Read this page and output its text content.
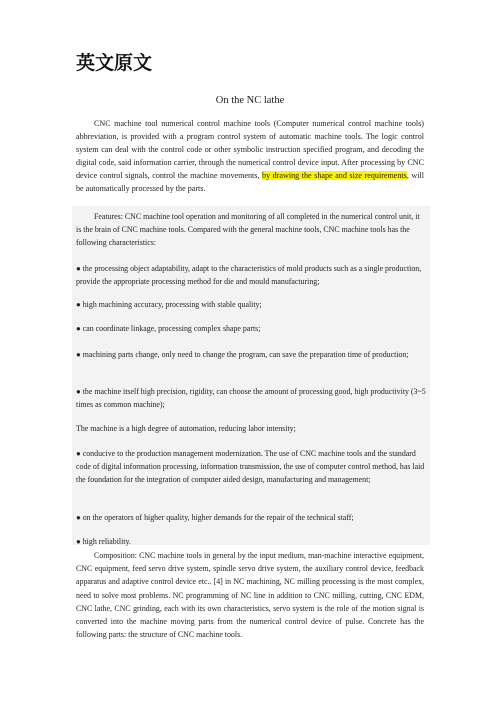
英文原文
On the NC lathe

CNC machine tool numerical control machine tools (Computer numerical control machine tools) abbreviation, is provided with a program control system of automatic machine tools. The logic control system can deal with the control code or other symbolic instruction specified program, and decoding the digital code, said information carrier, through the numerical control device input. After processing by CNC device control signals, control the machine movements, by drawing the shape and size requirements, will be automatically processed by the parts.

Features: CNC machine tool operation and monitoring of all completed in the numerical control unit, it is the brain of CNC machine tools. Compared with the general machine tools, CNC machine tools has the following characteristics:

● the processing object adaptability, adapt to the characteristics of mold products such as a single production, provide the appropriate processing method for die and mould manufacturing;

● high machining accuracy, processing with stable quality;

● can coordinate linkage, processing complex shape parts;

● machining parts change, only need to change the program, can save the preparation time of production;

● the machine itself high precision, rigidity, can choose the amount of processing good, high productivity (3~5 times as common machine);

The machine is a high degree of automation, reducing labor intensity;

● conducive to the production management modernization. The use of CNC machine tools and the standard code of digital information processing, information transmission, the use of computer control method, has laid the foundation for the integration of computer aided design, manufacturing and management;

● on the operators of higher quality, higher demands for the repair of the technical staff;

● high reliability.

Composition: CNC machine tools in general by the input medium, man-machine interactive equipment, CNC equipment, feed servo drive system, spindle servo drive system, the auxiliary control device, feedback apparatus and adaptive control device etc.. [4] in NC machining, NC milling processing is the most complex, need to solve most problems. NC programming of NC line in addition to CNC milling, cutting, CNC EDM, CNC lathe, CNC grinding, each with its own characteristics, servo system is the role of the motion signal is converted into the machine moving parts from the numerical control device of pulse. Concrete has the following parts: the structure of CNC machine tools.
